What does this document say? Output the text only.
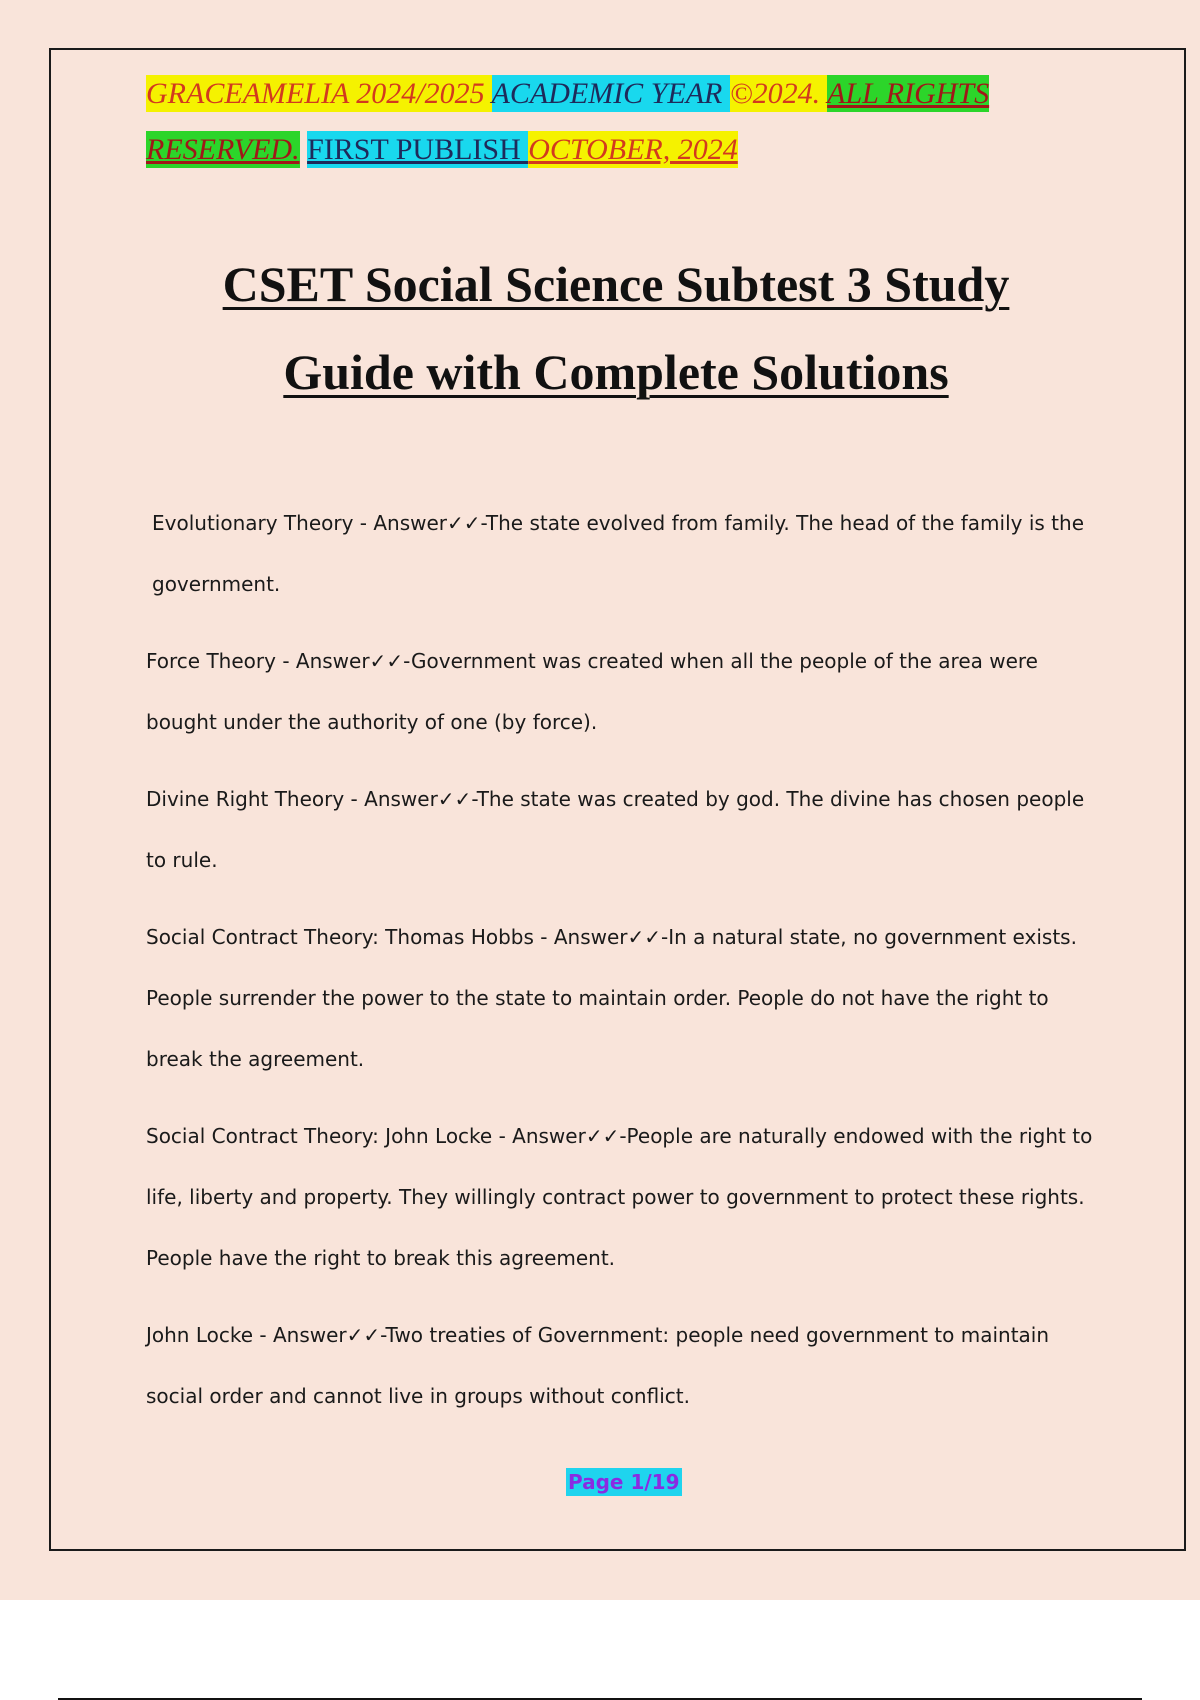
GRACEAMELIA 2024/2025 ACADEMIC YEAR ©2024. ALL RIGHTS RESERVED. FIRST PUBLISH OCTOBER, 2024
CSET Social Science Subtest 3 Study
Guide with Complete Solutions
Evolutionary Theory - Answer✓✓-The state evolved from family. The head of the family is the government.
Force Theory - Answer✓✓-Government was created when all the people of the area were bought under the authority of one (by force).
Divine Right Theory - Answer✓✓-The state was created by god. The divine has chosen people to rule.
Social Contract Theory: Thomas Hobbs - Answer✓✓-In a natural state, no government exists. People surrender the power to the state to maintain order. People do not have the right to break the agreement.
Social Contract Theory: John Locke - Answer✓✓-People are naturally endowed with the right to life, liberty and property. They willingly contract power to government to protect these rights. People have the right to break this agreement.
John Locke - Answer✓✓-Two treaties of Government: people need government to maintain social order and cannot live in groups without conflict.
Page 1/19
